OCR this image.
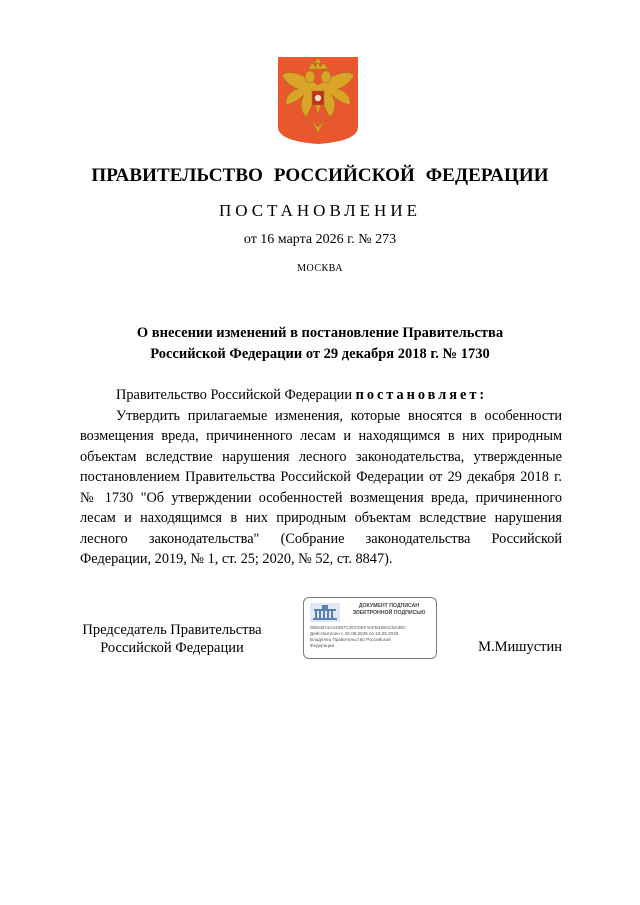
ПРАВИТЕЛЬСТВО РОССИЙСКОЙ ФЕДЕРАЦИИ
ПОСТАНОВЛЕНИЕ
от 16 марта 2026 г. № 273
МОСКВА
О внесении изменений в постановление Правительства
Российской Федерации от 29 декабря 2018 г. № 1730

Правительство Российской Федерации постановляет:

Утвердить прилагаемые изменения, которые вносятся в особенности возмещения вреда, причиненного лесам и находящимся в них природным объектам вследствие нарушения лесного законодательства, утвержденные постановлением Правительства Российской Федерации от 29 декабря 2018 г. № 1730 "Об утверждении особенностей возмещения вреда, причиненного лесам и находящимся в них природным объектам вследствие нарушения лесного законодательства" (Собрание законодательства Российской Федерации, 2019, № 1, ст. 25; 2020, № 52, ст. 8847).

Председатель Правительства
Российской Федерации
ДОКУМЕНТ ПОДПИСАН
ЭЛЕКТРОННОЙ ПОДПИСЬЮ
008CB74AA2097C2DC0EF4AFB469AC8A38C
Действителен с 26.06.2025 по 19.09.2026
Владелец Правительство Российской
Федерации	М.Мишустин
